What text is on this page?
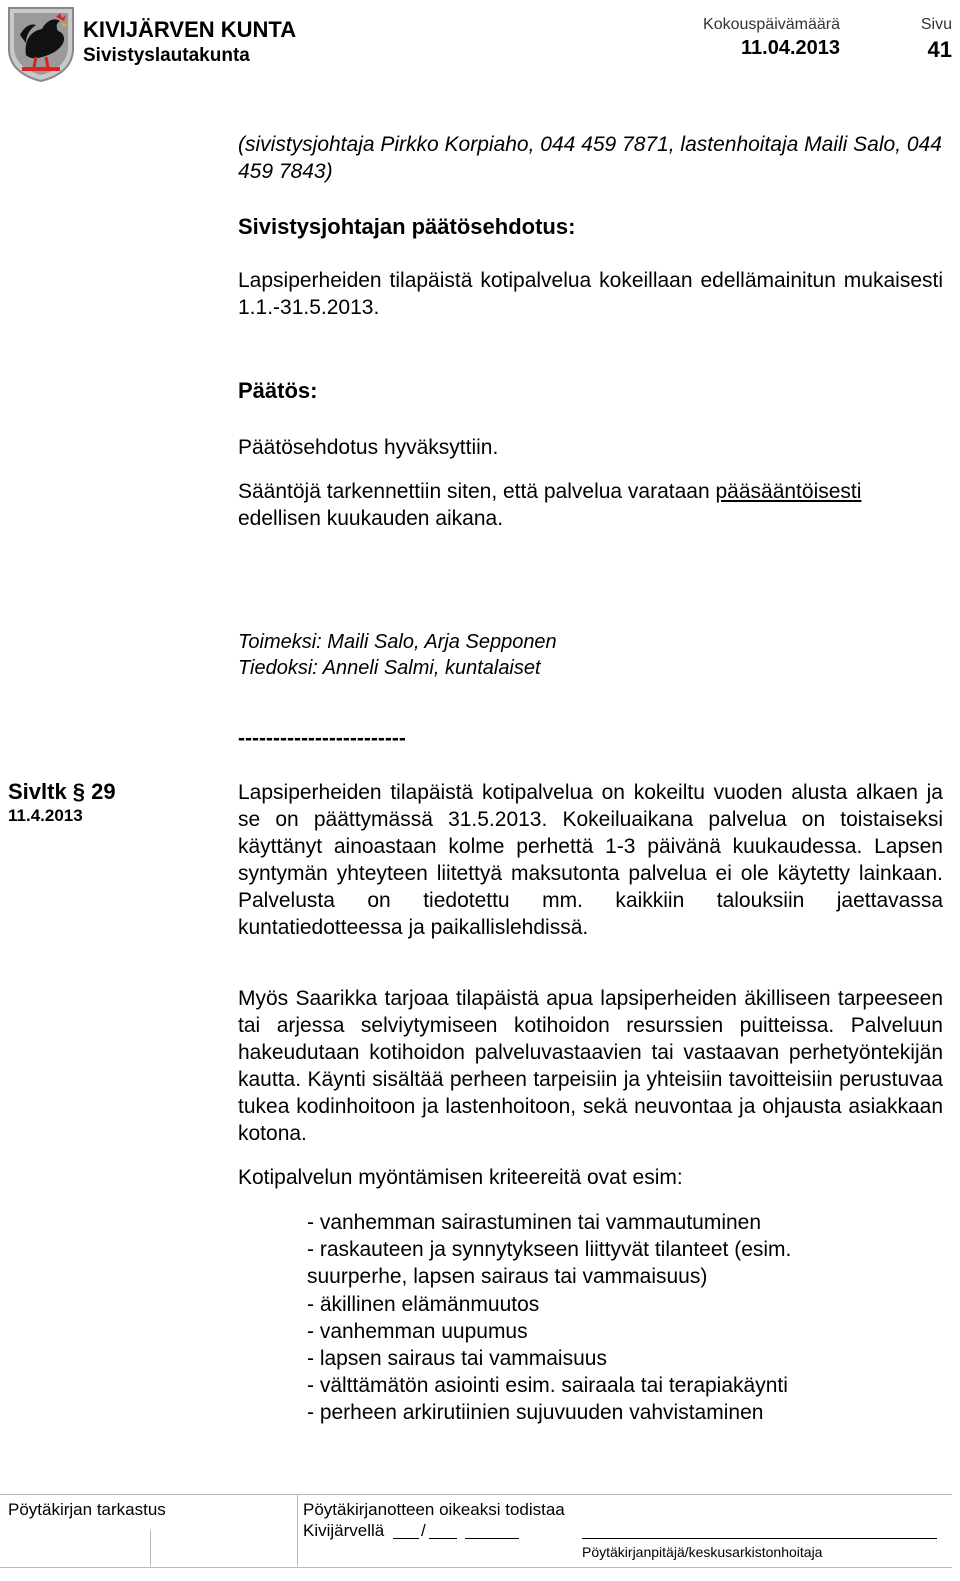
KIVIJÄRVEN KUNTA
Sivistyslautakunta
Kokouspäivämäärä
11.04.2013
Sivu
41
(sivistysjohtaja Pirkko Korpiaho, 044 459 7871, lastenhoitaja Maili Salo, 044 459 7843)
Sivistysjohtajan päätösehdotus:
Lapsiperheiden tilapäistä kotipalvelua kokeillaan edellämainitun mukaisesti 1.1.-31.5.2013.
Päätös:
Päätösehdotus hyväksyttiin.
Sääntöjä tarkennettiin siten, että palvelua varataan pääsääntöisesti edellisen kuukauden aikana.
Toimeksi: Maili Salo, Arja Sepponen
Tiedoksi: Anneli Salmi, kuntalaiset
------------------------
Sivltk § 29
11.4.2013
Lapsiperheiden tilapäistä kotipalvelua on kokeiltu vuoden alusta alkaen ja se on päättymässä 31.5.2013. Kokeiluaikana palvelua on toistaiseksi käyttänyt ainoastaan kolme perhettä 1-3 päivänä kuukaudessa. Lapsen syntymän yhteyteen liitettyä maksutonta palvelua ei ole käytetty lainkaan. Palvelusta on tiedotettu mm. kaikkiin talouksiin jaettavassa kuntatiedotteessa ja paikallislehdissä.
Myös Saarikka tarjoaa tilapäistä apua lapsiperheiden äkilliseen tarpeeseen tai arjessa selviytymiseen kotihoidon resurssien puitteissa. Palveluun hakeudutaan kotihoidon palveluvastaavien tai vastaavan perhetyöntekijän kautta. Käynti sisältää perheen tarpeisiin ja yhteisiin tavoitteisiin perustuvaa tukea kodinhoitoon ja lastenhoitoon, sekä neuvontaa ja ohjausta asiakkaan kotona.
Kotipalvelun myöntämisen kriteereitä ovat esim:
- vanhemman sairastuminen tai vammautuminen
- raskauteen ja synnytykseen liittyvät tilanteet (esim.
suurperhe, lapsen sairaus tai vammaisuus)
- äkillinen elämänmuutos
- vanhemman uupumus
- lapsen sairaus tai vammaisuus
- välttämätön asiointi esim. sairaala tai terapiakäynti
- perheen arkirutiinien sujuvuuden vahvistaminen
Pöytäkirjan tarkastus	Pöytäkirjanotteen oikeaksi todistaa
Kivijärvellä /
Pöytäkirjanpitäjä/keskusarkistonhoitaja
